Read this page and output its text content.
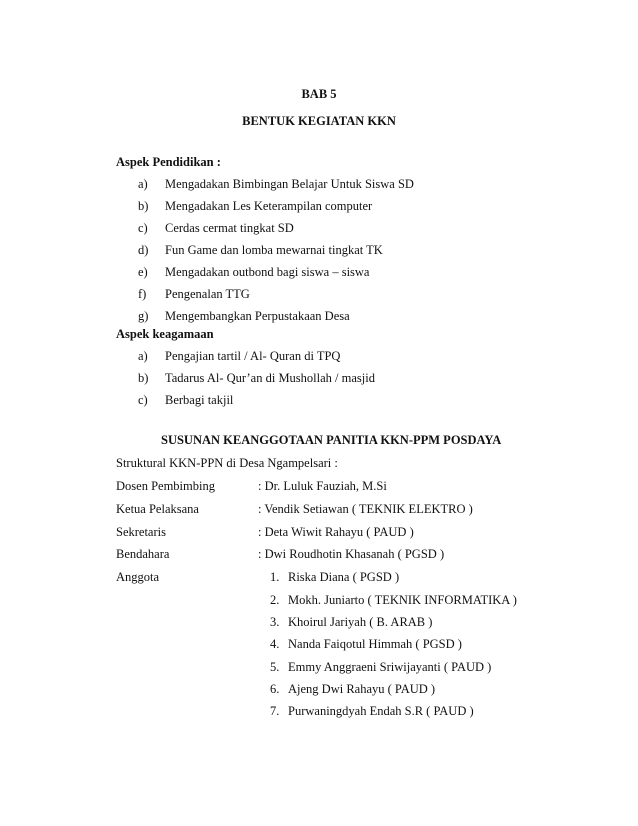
BAB 5
BENTUK KEGIATAN KKN
Aspek Pendidikan :
a) Mengadakan Bimbingan Belajar Untuk Siswa SD
b) Mengadakan Les Keterampilan computer
c) Cerdas cermat tingkat SD
d) Fun Game dan lomba mewarnai tingkat TK
e) Mengadakan outbond bagi siswa – siswa
f) Pengenalan TTG
g) Mengembangkan Perpustakaan Desa
Aspek keagamaan
a) Pengajian tartil / Al- Quran di TPQ
b) Tadarus Al- Qur’an di Mushollah / masjid
c) Berbagi takjil
SUSUNAN KEANGGOTAAN PANITIA KKN-PPM POSDAYA
Struktural KKN-PPN di Desa Ngampelsari :
Dosen Pembimbing	: Dr. Luluk Fauziah, M.Si
Ketua Pelaksana	: Vendik Setiawan ( TEKNIK ELEKTRO )
Sekretaris	: Deta Wiwit Rahayu ( PAUD )
Bendahara	: Dwi Roudhotin Khasanah ( PGSD )
Anggota	1. Riska Diana ( PGSD )
2. Mokh. Juniarto ( TEKNIK INFORMATIKA )
3. Khoirul Jariyah ( B. ARAB )
4. Nanda Faiqotul Himmah ( PGSD )
5. Emmy Anggraeni Sriwijayanti ( PAUD )
6. Ajeng Dwi Rahayu ( PAUD )
7. Purwaningdyah Endah S.R ( PAUD )
